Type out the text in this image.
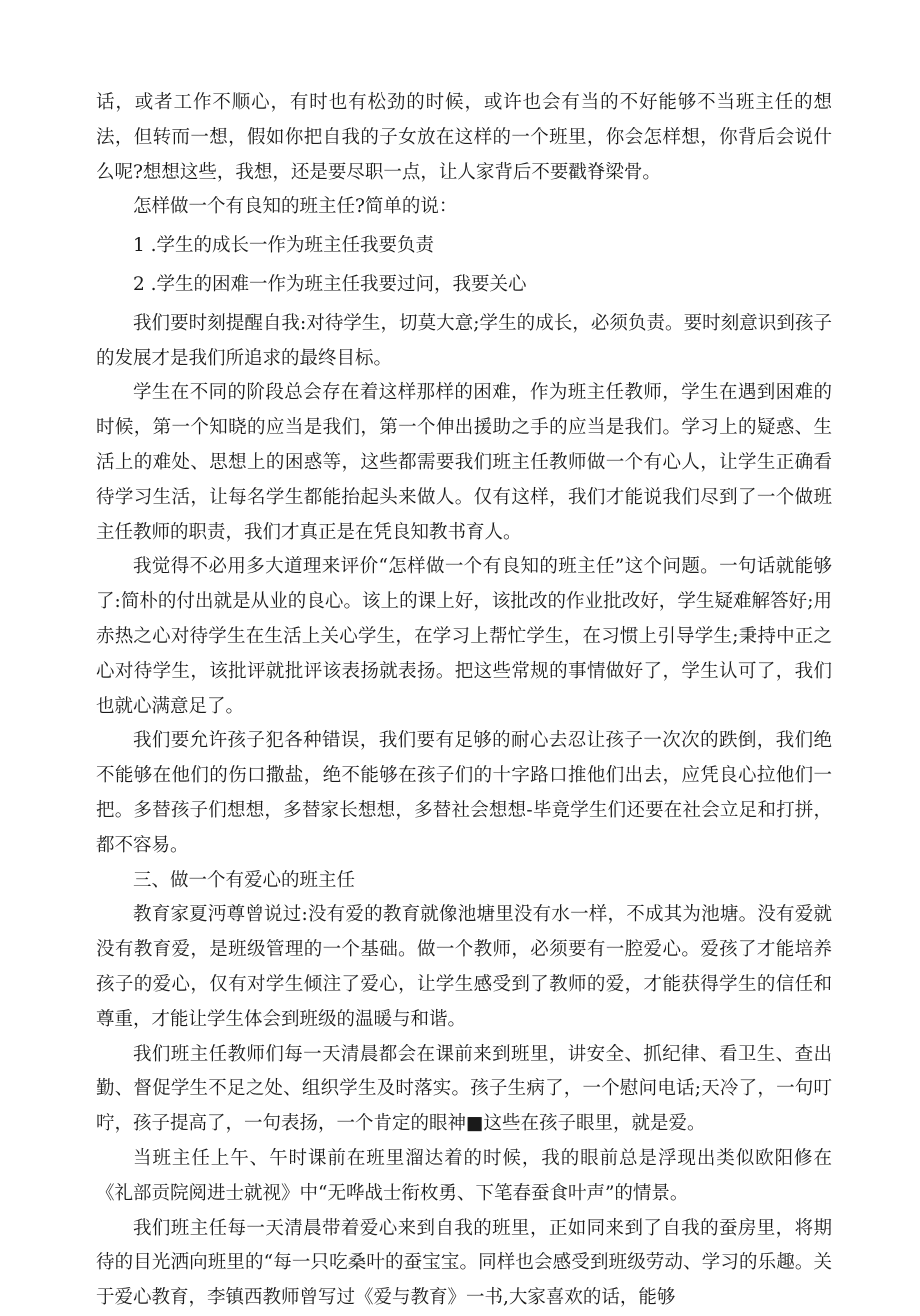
话，或者工作不顺心，有时也有松劲的时候，或许也会有当的不好能够不当班主任的想法，但转而一想，假如你把自我的子女放在这样的一个班里，你会怎样想，你背后会说什么呢?想想这些，我想，还是要尽职一点，让人家背后不要戳脊梁骨。

怎样做一个有良知的班主任?简单的说：

1 .学生的成长一作为班主任我要负责

2 .学生的困难一作为班主任我要过问，我要关心

我们要时刻提醒自我:对待学生，切莫大意;学生的成长，必须负责。要时刻意识到孩子的发展才是我们所追求的最终目标。

学生在不同的阶段总会存在着这样那样的困难，作为班主任教师，学生在遇到困难的时候，第一个知晓的应当是我们，第一个伸出援助之手的应当是我们。学习上的疑惑、生活上的难处、思想上的困惑等，这些都需要我们班主任教师做一个有心人，让学生正确看待学习生活，让每名学生都能抬起头来做人。仅有这样，我们才能说我们尽到了一个做班主任教师的职责，我们才真正是在凭良知教书育人。

我觉得不必用多大道理来评价“怎样做一个有良知的班主任”这个问题。一句话就能够了:简朴的付出就是从业的良心。该上的课上好，该批改的作业批改好，学生疑难解答好;用赤热之心对待学生在生活上关心学生，在学习上帮忙学生，在习惯上引导学生;秉持中正之心对待学生，该批评就批评该表扬就表扬。把这些常规的事情做好了，学生认可了，我们也就心满意足了。

我们要允许孩子犯各种错误，我们要有足够的耐心去忍让孩子一次次的跌倒，我们绝不能够在他们的伤口撒盐，绝不能够在孩子们的十字路口推他们出去，应凭良心拉他们一把。多替孩子们想想，多替家长想想，多替社会想想-毕竟学生们还要在社会立足和打拼，都不容易。

三、做一个有爱心的班主任

教育家夏沔尊曾说过:没有爱的教育就像池塘里没有水一样，不成其为池塘。没有爱就没有教育爱，是班级管理的一个基础。做一个教师，必须要有一腔爱心。爱孩了才能培养孩子的爱心，仅有对学生倾注了爱心，让学生感受到了教师的爱，才能获得学生的信任和尊重，才能让学生体会到班级的温暖与和谐。

我们班主任教师们每一天清晨都会在课前来到班里，讲安全、抓纪律、看卫生、查出勤、督促学生不足之处、组织学生及时落实。孩子生病了，一个慰问电话;天冷了，一句叮咛，孩子提高了，一句表扬，一个肯定的眼神■这些在孩子眼里，就是爱。

当班主任上午、午时课前在班里溜达着的时候，我的眼前总是浮现出类似欧阳修在《礼部贡院阅进士就视》中“无哗战士衔枚勇、下笔春蚕食叶声”的情景。

我们班主任每一天清晨带着爱心来到自我的班里，正如同来到了自我的蚕房里，将期待的目光洒向班里的“每一只吃桑叶的蚕宝宝。同样也会感受到班级劳动、学习的乐趣。关于爱心教育，李镇西教师曾写过《爱与教育》一书,大家喜欢的话，能够
